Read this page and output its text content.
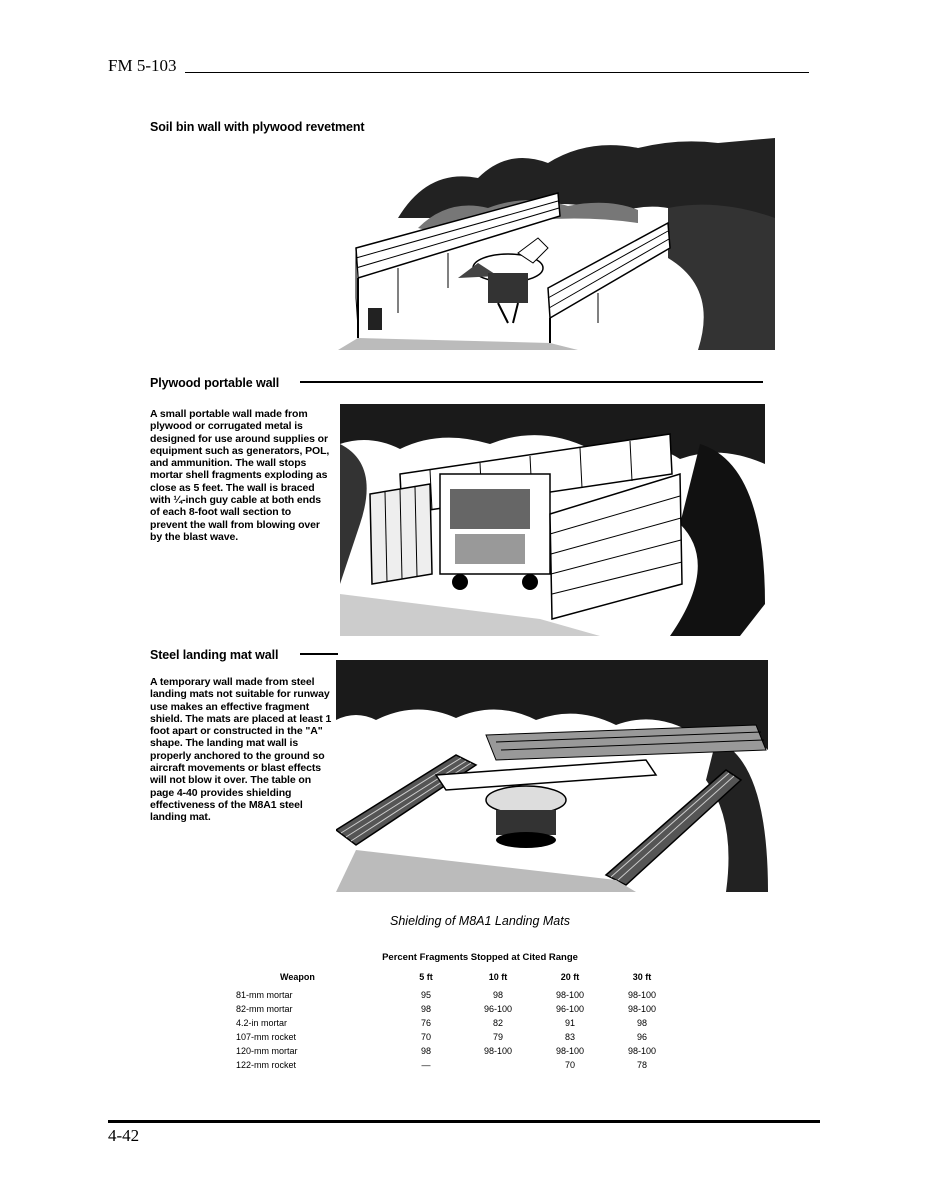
FM 5-103
Soil bin wall with plywood revetment
Plywood portable wall
A small portable wall made from plywood or corrugated metal is designed for use around supplies or equipment such as generators, POL, and ammunition. The wall stops mortar shell fragments exploding as close as 5 feet. The wall is braced with ¼-inch guy cable at both ends of each 8-foot wall section to prevent the wall from blowing over by the blast wave.
Steel landing mat wall
A temporary wall made from steel landing mats not suitable for runway use makes an effective fragment shield. The mats are placed at least 1 foot apart or constructed in the "A" shape. The landing mat wall is properly anchored to the ground so aircraft movements or blast effects will not blow it over. The table on page 4-40 provides shielding effectiveness of the M8A1 steel landing mat.
Shielding of M8A1 Landing Mats
Percent Fragments Stopped at Cited Range
Weapon	5 ft	10 ft	20 ft	30 ft
81-mm mortar	95	98	98-100	98-100
82-mm mortar	98	96-100	96-100	98-100
4.2-in mortar	76	82	91	98
107-mm rocket	70	79	83	96
120-mm mortar	98	98-100	98-100	98-100
122-mm rocket	—		70	78
4-42
